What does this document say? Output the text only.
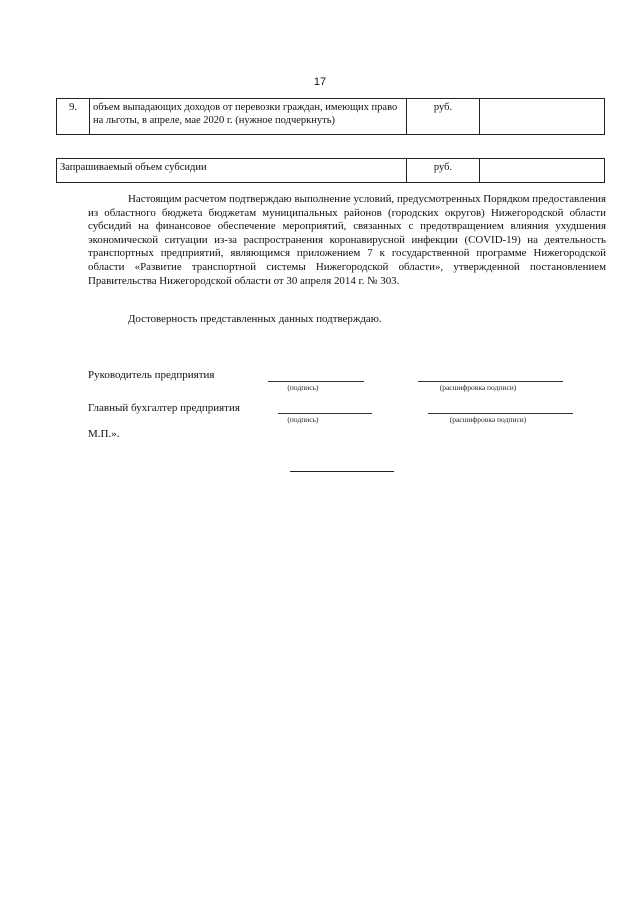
17
9.	объем выпадающих доходов от перевозки граждан, имеющих право на льготы, в апреле, мае 2020 г. (нужное подчеркнуть)	руб.	
Запрашиваемый объем субсидии	руб.	

Настоящим расчетом подтверждаю выполнение условий, предусмотренных Порядком предоставления из областного бюджета бюджетам муниципальных районов (городских округов) Нижегородской области субсидий на финансовое обеспечение мероприятий, связанных с предотвращением влияния ухудшения экономической ситуации из-за распространения коронавирусной инфекции (COVID-19) на деятельность транспортных предприятий, являющимся приложением 7 к государственной программе Нижегородской области «Развитие транспортной системы Нижегородской области», утвержденной постановлением Правительства Нижегородской области от 30 апреля 2014 г. № 303.

Достоверность представленных данных подтверждаю.

Руководитель предприятия
(подпись)	(расшифровка подписи)
Главный бухгалтер предприятия
(подпись)	(расшифровка подписи)
М.П.».
